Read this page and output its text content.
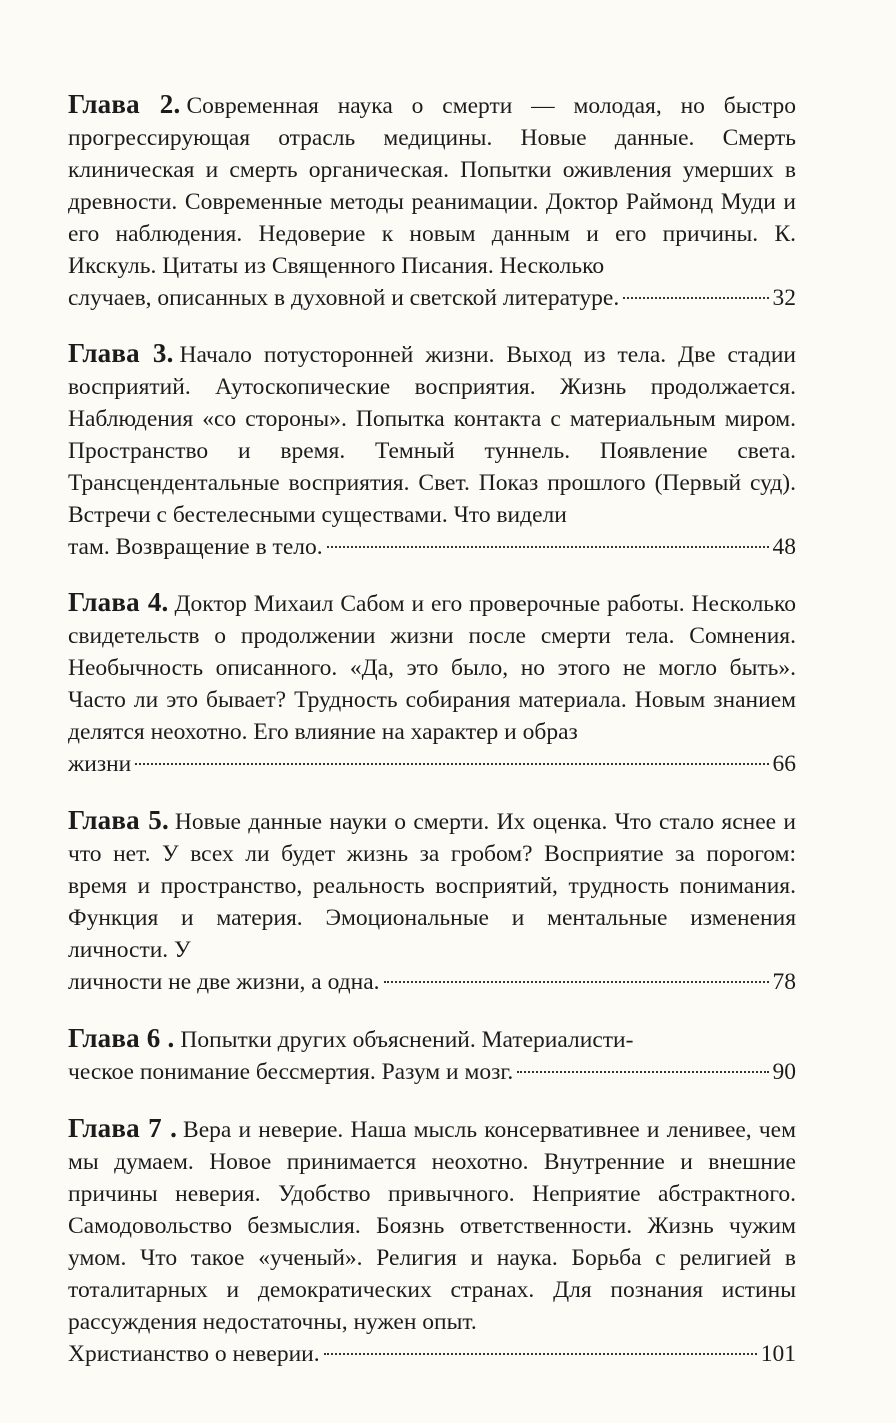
Глава 2. Современная наука о смерти — молодая, но быстро прогрессирующая отрасль медицины. Новые данные. Смерть клиническая и смерть органическая. Попытки оживления умерших в древности. Современные методы реанимации. Доктор Раймонд Муди и его наблюдения. Недоверие к новым данным и его причины. К. Икскуль. Цитаты из Священного Писания. Несколько
случаев, описанных в духовной и светской литературе.	32
Глава 3. Начало потусторонней жизни. Выход из тела. Две стадии восприятий. Аутоскопические восприятия. Жизнь продолжается. Наблюдения «со стороны». Попытка контакта с материальным миром. Пространство и время. Темный туннель. Появление света. Трансцендентальные восприятия. Свет. Показ прошлого (Первый суд). Встречи с бестелесными существами. Что видели
там. Возвращение в тело.	48
Глава 4. Доктор Михаил Сабом и его проверочные работы. Несколько свидетельств о продолжении жизни после смерти тела. Сомнения. Необычность описанного. «Да, это было, но этого не могло быть». Часто ли это бывает? Трудность собирания материала. Новым знанием делятся неохотно. Его влияние на характер и образ
жизни	66
Глава 5. Новые данные науки о смерти. Их оценка. Что стало яснее и что нет. У всех ли будет жизнь за гробом? Восприятие за порогом: время и пространство, реальность восприятий, трудность понимания. Функция и материя. Эмоциональные и ментальные изменения личности. У
личности не две жизни, а одна.	78
Глава 6 . Попытки других объяснений. Материалисти-
ческое понимание бессмертия. Разум и мозг.	90
Глава 7 . Вера и неверие. Наша мысль консервативнее и ленивее, чем мы думаем. Новое принимается неохотно. Внутренние и внешние причины неверия. Удобство привычного. Неприятие абстрактного. Самодовольство безмыслия. Боязнь ответственности. Жизнь чужим умом. Что такое «ученый». Религия и наука. Борьба с религией в тоталитарных и демократических странах. Для познания истины рассуждения недостаточны, нужен опыт.
Христианство о неверии.	101
